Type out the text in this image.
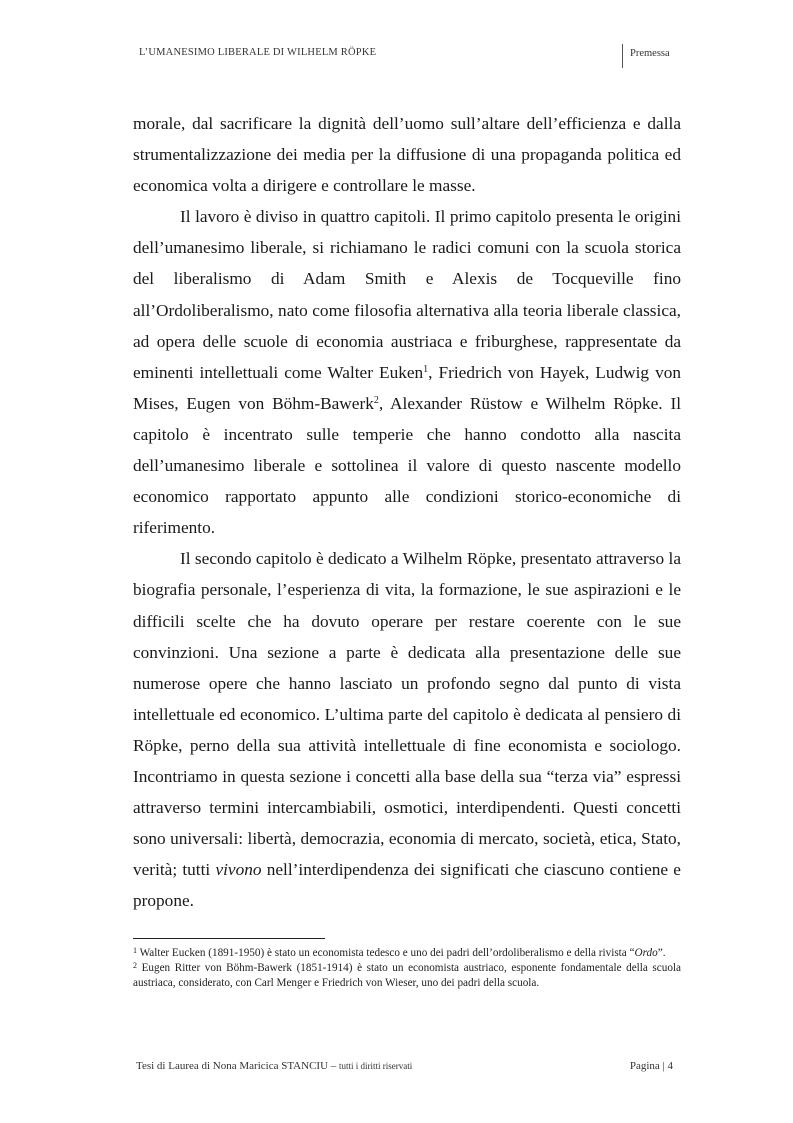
L’UMANESIMO LIBERALE DI WILHELM RÖPKE	Premessa

morale, dal sacrificare la dignità dell’uomo sull’altare dell’efficienza e dalla strumentalizzazione dei media per la diffusione di una propaganda politica ed economica volta a dirigere e controllare le masse.

Il lavoro è diviso in quattro capitoli. Il primo capitolo presenta le origini dell’umanesimo liberale, si richiamano le radici comuni con la scuola storica del liberalismo di Adam Smith e Alexis de Tocqueville fino all’Ordoliberalismo, nato come filosofia alternativa alla teoria liberale classica, ad opera delle scuole di economia austriaca e friburghese, rappresentate da eminenti intellettuali come Walter Euken$^1$, Friedrich von Hayek, Ludwig von Mises, Eugen von Böhm-Bawerk$^2$, Alexander Rüstow e Wilhelm Röpke. Il capitolo è incentrato sulle temperie che hanno condotto alla nascita dell’umanesimo liberale e sottolinea il valore di questo nascente modello economico rapportato appunto alle condizioni storico-economiche di riferimento.

Il secondo capitolo è dedicato a Wilhelm Röpke, presentato attraverso la biografia personale, l’esperienza di vita, la formazione, le sue aspirazioni e le difficili scelte che ha dovuto operare per restare coerente con le sue convinzioni. Una sezione a parte è dedicata alla presentazione delle sue numerose opere che hanno lasciato un profondo segno dal punto di vista intellettuale ed economico. L’ultima parte del capitolo è dedicata al pensiero di Röpke, perno della sua attività intellettuale di fine economista e sociologo. Incontriamo in questa sezione i concetti alla base della sua “terza via” espressi attraverso termini intercambiabili, osmotici, interdipendenti. Questi concetti sono universali: libertà, democrazia, economia di mercato, società, etica, Stato, verità; tutti vivono nell’interdipendenza dei significati che ciascuno contiene e propone.

$^1$ Walter Eucken (1891-1950) è stato un economista tedesco e uno dei padri dell’ordoliberalismo e della rivista “Ordo”.

$^2$ Eugen Ritter von Böhm-Bawerk (1851-1914) è stato un economista austriaco, esponente fondamentale della scuola austriaca, considerato, con Carl Menger e Friedrich von Wieser, uno dei padri della scuola.

Tesi di Laurea di Nona Maricica STANCIU – tutti i diritti riservati	Pagina | 4
